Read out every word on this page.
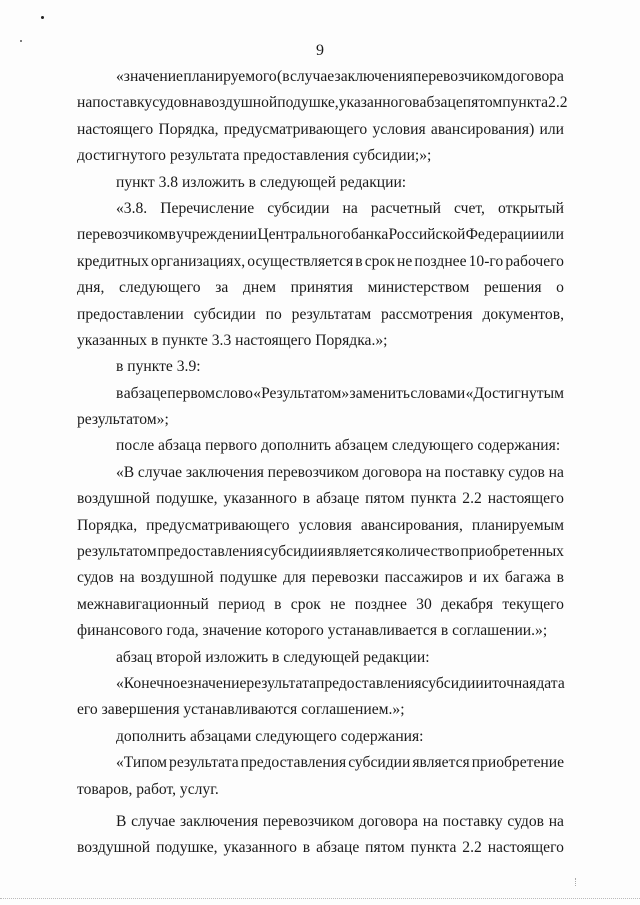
9
«значение планируемого (в случае заключения перевозчиком договора
на поставку судов на воздушной подушке, указанного в абзаце пятом пункта 2.2
настоящего Порядка, предусматривающего условия авансирования) или
достигнутого результата предоставления субсидии;»;
пункт 3.8 изложить в следующей редакции:
«3.8. Перечисление субсидии на расчетный счет, открытый
перевозчиком в учреждении Центрального банка Российской Федерации или
кредитных организациях, осуществляется в срок не позднее 10-го рабочего
дня, следующего за днем принятия министерством решения о
предоставлении субсидии по результатам рассмотрения документов,
указанных в пункте 3.3 настоящего Порядка.»;
в пункте 3.9:
в абзаце первом слово «Результатом» заменить словами «Достигнутым
результатом»;
после абзаца первого дополнить абзацем следующего содержания:
«В случае заключения перевозчиком договора на поставку судов на
воздушной подушке, указанного в абзаце пятом пункта 2.2 настоящего
Порядка, предусматривающего условия авансирования, планируемым
результатом предоставления субсидии является количество приобретенных
судов на воздушной подушке для перевозки пассажиров и их багажа в
межнавигационный период в срок не позднее 30 декабря текущего
финансового года, значение которого устанавливается в соглашении.»;
абзац второй изложить в следующей редакции:
«Конечное значение результата предоставления субсидии и точная дата
его завершения устанавливаются соглашением.»;
дополнить абзацами следующего содержания:
«Типом результата предоставления субсидии является приобретение
товаров, работ, услуг.
В случае заключения перевозчиком договора на поставку судов на
воздушной подушке, указанного в абзаце пятом пункта 2.2 настоящего
